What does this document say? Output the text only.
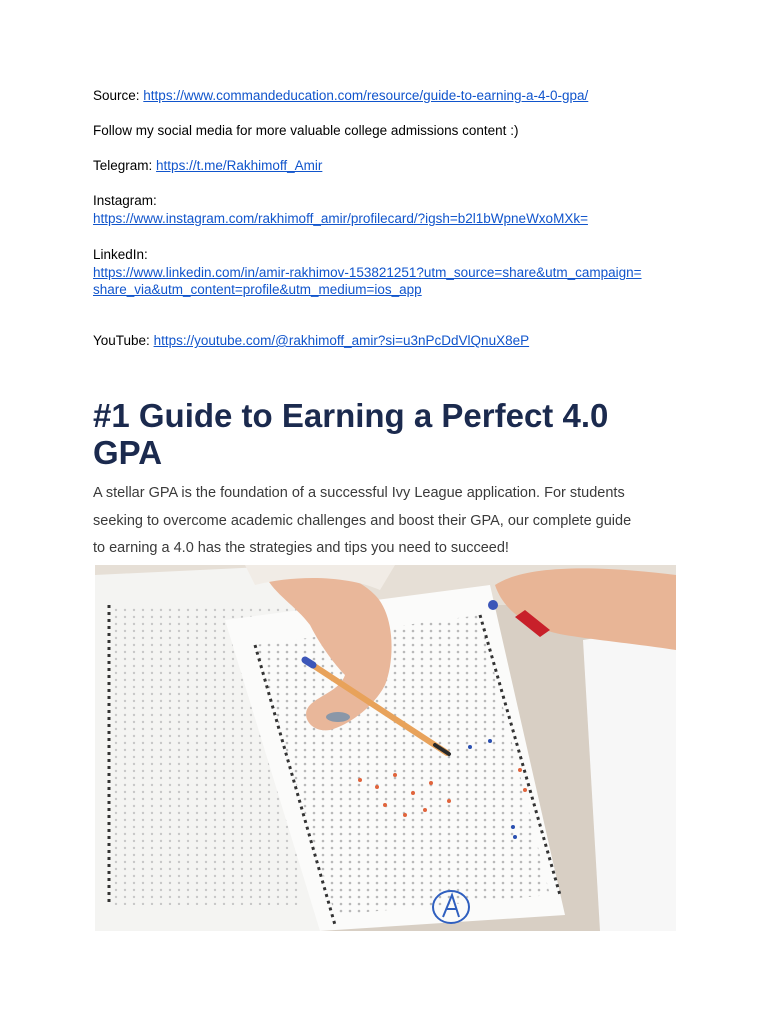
Source: https://www.commandeducation.com/resource/guide-to-earning-a-4-0-gpa/

Follow my social media for more valuable college admissions content :)

Telegram: https://t.me/Rakhimoff_Amir

Instagram:

https://www.instagram.com/rakhimoff_amir/profilecard/?igsh=b2l1bWpneWxoMXk=

LinkedIn:

https://www.linkedin.com/in/amir-rakhimov-153821251?utm_source=share&utm_campaign=

share_via&utm_content=profile&utm_medium=ios_app

YouTube: https://youtube.com/@rakhimoff_amir?si=u3nPcDdVlQnuX8eP

#1 Guide to Earning a Perfect 4.0
GPA

A stellar GPA is the foundation of a successful Ivy League application. For students
seeking to overcome academic challenges and boost their GPA, our complete guide
to earning a 4.0 has the strategies and tips you need to succeed!
